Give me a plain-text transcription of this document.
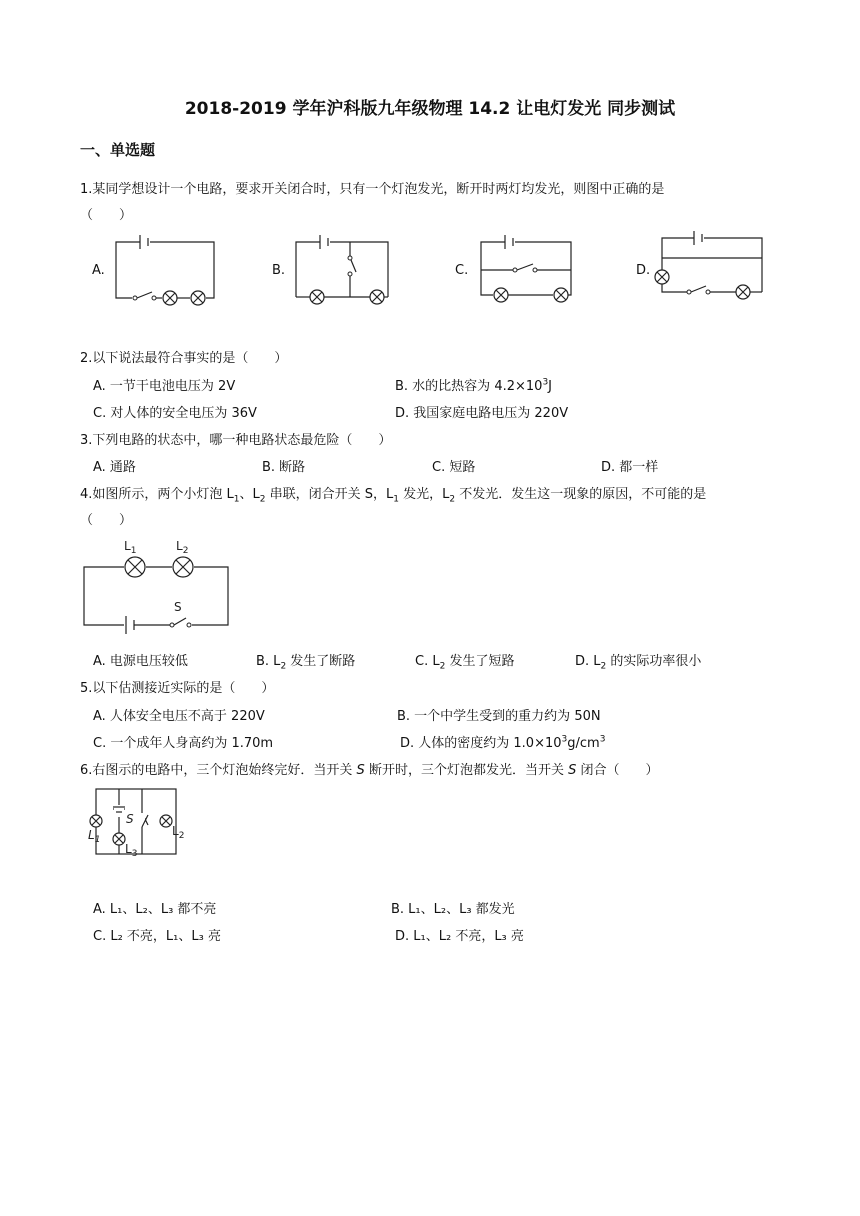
2018-2019 学年沪科版九年级物理 14.2 让电灯发光 同步测试
一、单选题
1.某同学想设计一个电路，要求开关闭合时，只有一个灯泡发光，断开时两灯均发光，则图中正确的是
（　　）
A.	B.	C.	D.
2.以下说法最符合事实的是（　　）
A. 一节干电池电压为 2V	B. 水的比热容为 $4.2\times 10^3J$
C. 对人体的安全电压为 36V	D. 我国家庭电路电压为 220V
3.下列电路的状态中，哪一种电路状态最危险（　　）
A. 通路	B. 断路	C. 短路	D. 都一样
4.如图所示，两个小灯泡 $L_1$、$L_2$ 串联，闭合开关 S，$L_1$ 发光，$L_2$ 不发光．发生这一现象的原因，不可能的是
（　　）
$L_1$	$L_2$
S
A. 电源电压较低	B. $L_2$ 发生了断路	C. $L_2$ 发生了短路	D. $L_2$ 的实际功率很小
5.以下估测接近实际的是（　　）
A. 人体安全电压不高于 220V	B. 一个中学生受到的重力约为 50N
C. 一个成年人身高约为 1.70m	D. 人体的密度约为 $1.0\times 10^3g/cm^3$
6.右图示的电路中，三个灯泡始终完好．当开关 S 断开时，三个灯泡都发光．当开关 S 闭合（　　）
S
$L_1$
$L_2$
$L_3$
A. L₁、L₂、L₃ 都不亮	B. L₁、L₂、L₃ 都发光
C. L₂ 不亮，L₁、L₃ 亮	D. L₁、L₂ 不亮，L₃ 亮
